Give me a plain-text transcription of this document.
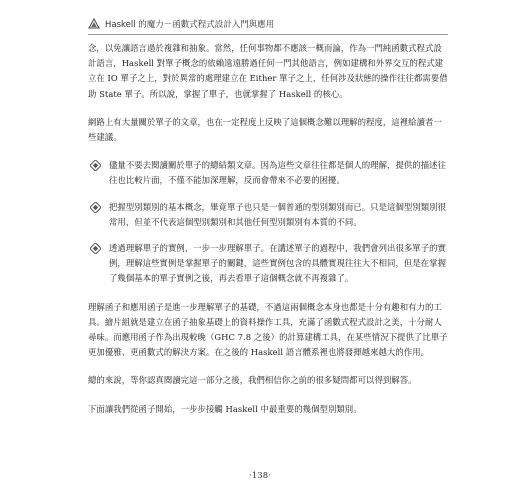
Haskell 的魔力－函數式程式設計入門與應用

念，以免讓語言過於複雜和抽象。當然，任何事物都不應該一概而論，作為一門純函數式程式設計語言，Haskell 對單子概念的依賴遠遠勝過任何一門其他語言，例如建構和外界交互的程式建立在 IO 單子之上，對於異常的處理建立在 Either 單子之上，任何涉及狀態的操作往往都需要借助 State 單子。所以說，掌握了單子，也就掌握了 Haskell 的核心。

網路上有大量關於單子的文章，也在一定程度上反映了這個概念難以理解的程度，這裡給讀者一些建議。

儘量不要去閱讀關於單子的總結類文章。因為這些文章往往都是個人的理解，提供的描述往往也比較片面，不僅不能加深理解，反而會帶來不必要的困擾。
把握型別類別的基本概念，畢竟單子也只是一個普通的型別類別而已。只是這個型別類別很常用，但並不代表這個型別類別和其他任何型別類別有本質的不同。
透過理解單子的實例，一步一步理解單子。在講述單子的過程中，我們會列出很多單子的實例，理解這些實例是掌握單子的關鍵，這些實例包含的具體實現往往大不相同，但是在掌握了幾個基本的單子實例之後，再去看單子這個概念就不再複雜了。

理解函子和應用函子是進一步理解單子的基礎，不過這兩個概念本身也都是十分有趣和有力的工具。繪片組就是建立在函子抽象基礎上的資料操作工具，充滿了函數式程式設計之美，十分耐人尋味。而應用函子作為出現較晚（GHC 7.8 之後）的計算建構工具，在某些情況下提供了比單子更加優雅、更函數式的解決方案。在之後的 Haskell 語言體系裡也將發揮越來越大的作用。

總的來說，等你認真閱讀完這一部分之後，我們相信你之前的很多疑問都可以得到解答。

下面讓我們從函子開始，一步步接觸 Haskell 中最重要的幾個型別類別。

‧138‧
